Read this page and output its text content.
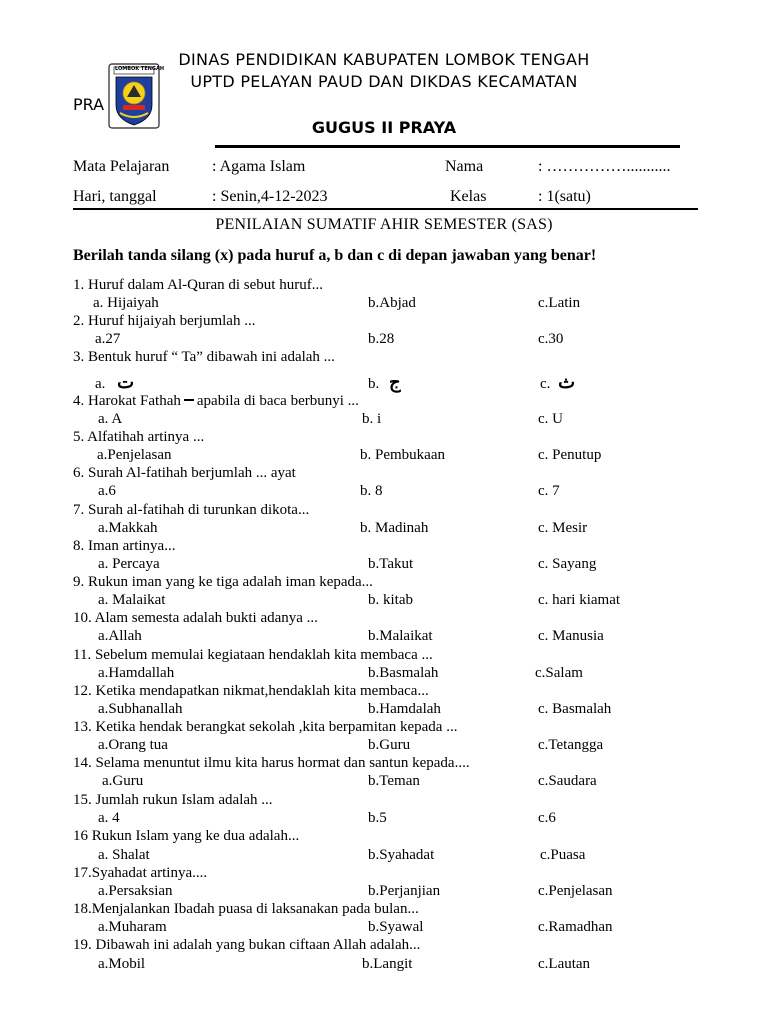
DINAS PENDIDIKAN KABUPATEN LOMBOK TENGAH
UPTD PELAYAN PAUD DAN DIKDAS KECAMATAN
PRA
LOMBOK TENGAH
GUGUS II PRAYA
Mata Pelajaran	: Agama Islam	Nama	: ……………...........
Hari, tanggal	: Senin,4-12-2023	Kelas	: 1(satu)
PENILAIAN SUMATIF AHIR SEMESTER (SAS)
Berilah tanda silang (x) pada huruf a, b dan c di depan jawaban yang benar!
1. Huruf dalam Al-Quran di sebut huruf...
a. Hijaiyah	b.Abjad	c.Latin
2. Huruf hijaiyah berjumlah ...
a.27	b.28	c.30
3. Bentuk huruf “ Ta” dibawah ini adalah ...
a. ت	b. ج	c. ث
4. Harokat Fathah apabila di baca berbunyi ...
a. A	b. i	c. U
5. Alfatihah artinya ...
a.Penjelasan	b. Pembukaan	c. Penutup
6. Surah Al-fatihah berjumlah ... ayat
a.6	b. 8	c. 7
7. Surah al-fatihah di turunkan dikota...
a.Makkah	b. Madinah	c. Mesir
8. Iman artinya...
a. Percaya	b.Takut	c. Sayang
9. Rukun iman yang ke tiga adalah iman kepada...
a. Malaikat	b. kitab	c. hari kiamat
10. Alam semesta adalah bukti adanya ...
a.Allah	b.Malaikat	c. Manusia
11. Sebelum memulai kegiataan hendaklah kita membaca ...
a.Hamdallah	b.Basmalah	c.Salam
12. Ketika mendapatkan nikmat,hendaklah kita membaca...
a.Subhanallah	b.Hamdalah	c. Basmalah
13. Ketika hendak berangkat sekolah ,kita berpamitan kepada ...
a.Orang tua	b.Guru	c.Tetangga
14. Selama menuntut ilmu kita harus hormat dan santun kepada....
a.Guru	b.Teman	c.Saudara
15. Jumlah rukun Islam adalah ...
a. 4	b.5	c.6
16 Rukun Islam yang ke dua adalah...
a. Shalat	b.Syahadat	c.Puasa
17.Syahadat artinya....
a.Persaksian	b.Perjanjian	c.Penjelasan
18.Menjalankan Ibadah puasa di laksanakan pada bulan...
a.Muharam	b.Syawal	c.Ramadhan
19. Dibawah ini adalah yang bukan ciftaan Allah adalah...
a.Mobil	b.Langit	c.Lautan
